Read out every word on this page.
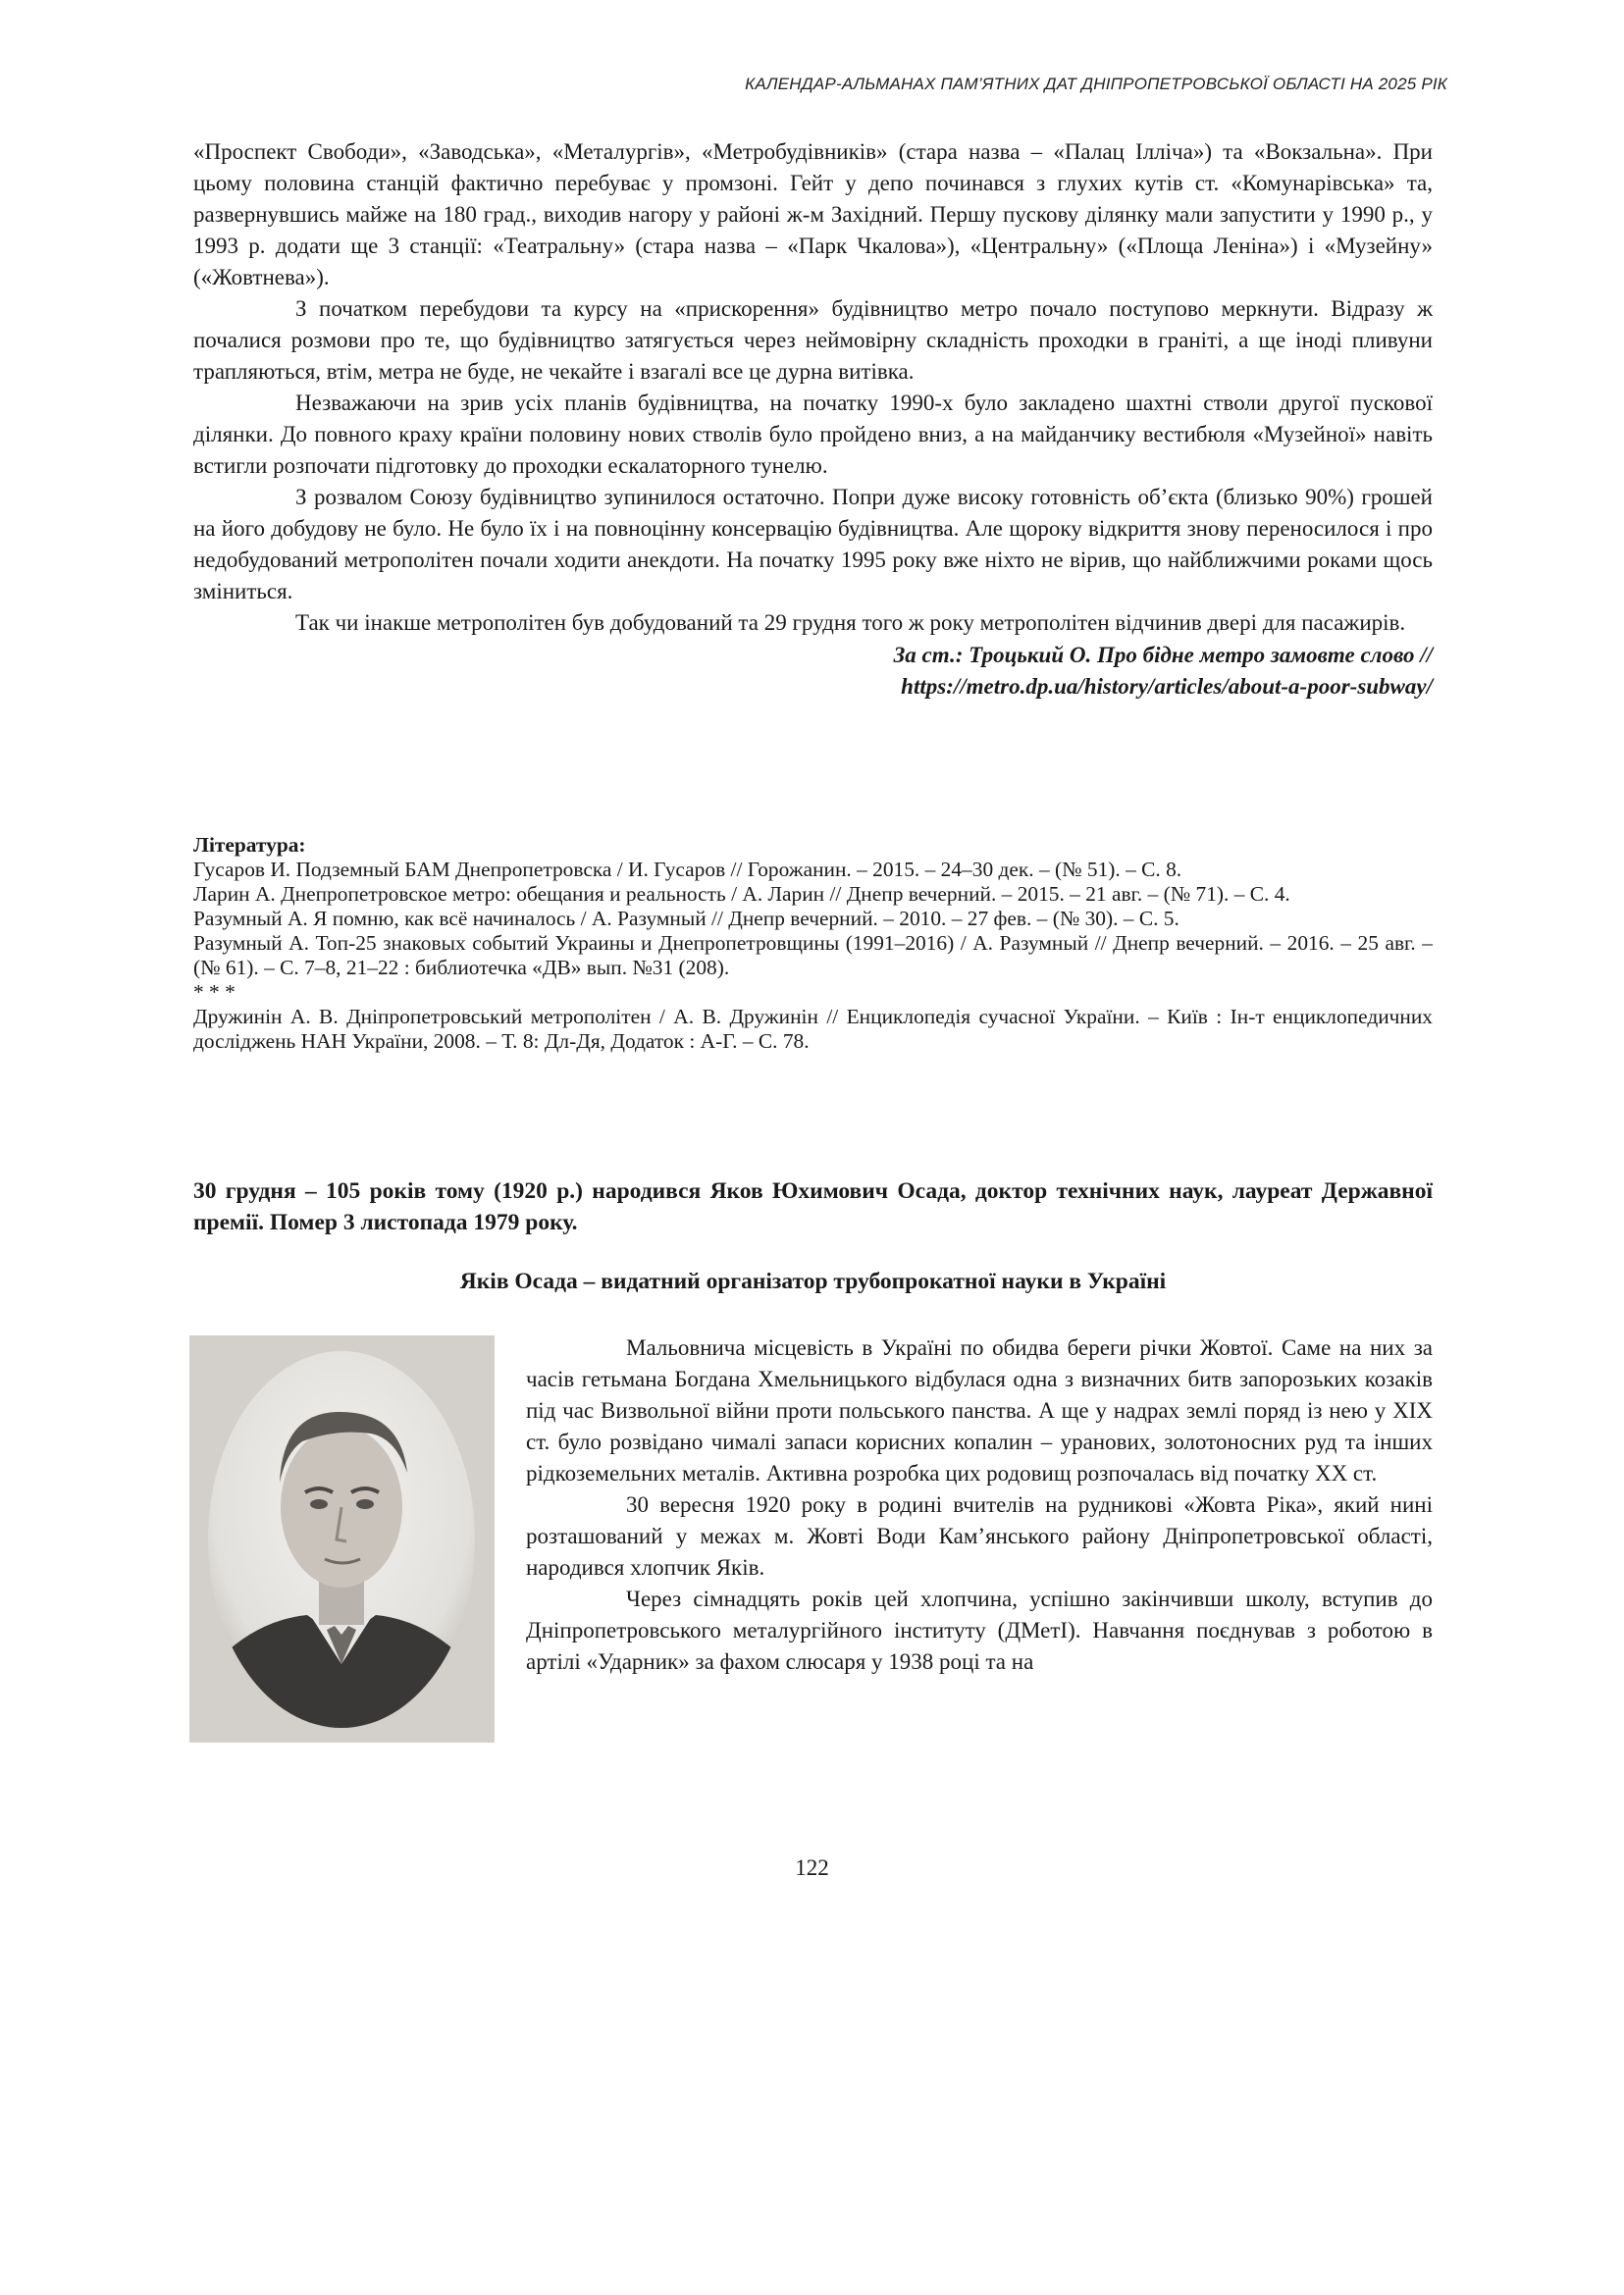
КАЛЕНДАР-АЛЬМАНАХ ПАМ’ЯТНИХ ДАТ ДНІПРОПЕТРОВСЬКОЇ ОБЛАСТІ НА 2025 РІК

«Проспект Свободи», «Заводська», «Металургів», «Метробудівників» (стара назва – «Палац Ілліча») та «Вокзальна». При цьому половина станцій фактично перебуває у промзоні. Гейт у депо починався з глухих кутів ст. «Комунарівська» та, развернувшись майже на 180 град., виходив нагору у районі ж-м Західний. Першу пускову ділянку мали запустити у 1990 р., у 1993 р. додати ще 3 станції: «Театральну» (стара назва – «Парк Чкалова»), «Центральну» («Площа Леніна») і «Музейну» («Жовтнева»).

З початком перебудови та курсу на «прискорення» будівництво метро почало поступово меркнути. Відразу ж почалися розмови про те, що будівництво затягується через неймовірну складність проходки в граніті, а ще іноді пливуни трапляються, втім, метра не буде, не чекайте і взагалі все це дурна витівка.

Незважаючи на зрив усіх планів будівництва, на початку 1990-х було закладено шахтні стволи другої пускової ділянки. До повного краху країни половину нових стволів було пройдено вниз, а на майданчику вестибюля «Музейної» навіть встигли розпочати підготовку до проходки ескалаторного тунелю.

З розвалом Союзу будівництво зупинилося остаточно. Попри дуже високу готовність об’єкта (близько 90%) грошей на його добудову не було. Не було їх і на повноцінну консервацію будівництва. Але щороку відкриття знову переносилося і про недобудований метрополітен почали ходити анекдоти. На початку 1995 року вже ніхто не вірив, що найближчими роками щось зміниться.

Так чи інакше метрополітен був добудований та 29 грудня того ж року метрополітен відчинив двері для пасажирів.

За ст.: Троцький О. Про бідне метро замовте слово //
https://metro.dp.ua/history/articles/about-a-poor-subway/
Література:

Гусаров И. Подземный БАМ Днепропетровска / И. Гусаров // Горожанин. – 2015. – 24–30 дек. – (№ 51). – С. 8.

Ларин А. Днепропетровское метро: обещания и реальность / А. Ларин // Днепр вечерний. – 2015. – 21 авг. – (№ 71). – С. 4.

Разумный А. Я помню, как всё начиналось / А. Разумный // Днепр вечерний. – 2010. – 27 фев. – (№ 30). – С. 5.

Разумный А. Топ-25 знаковых событий Украины и Днепропетровщины (1991–2016) / А. Разумный // Днепр вечерний. – 2016. – 25 авг. – (№ 61). – С. 7–8, 21–22 : библиотечка «ДВ» вып. №31 (208).

* * *

Дружинін А. В. Дніпропетровський метрополітен / А. В. Дружинін // Енциклопедія сучасної України. – Київ : Ін-т енциклопедичних досліджень НАН України, 2008. – Т. 8: Дл-Дя, Додаток : А-Г. – С. 78.

30 грудня – 105 років тому (1920 р.) народився Яков Юхимович Осада, доктор технічних наук, лауреат Державної премії. Помер 3 листопада 1979 року.
Яків Осада – видатний організатор трубопрокатної науки в Україні

Мальовнича місцевість в Україні по обидва береги річки Жовтої. Саме на них за часів гетьмана Богдана Хмельницького відбулася одна з визначних битв запорозьких козаків під час Визвольної війни проти польського панства. А ще у надрах землі поряд із нею у XIX ст. було розвідано чималі запаси корисних копалин – уранових, золотоносних руд та інших рідкоземельних металів. Активна розробка цих родовищ розпочалась від початку XX ст.

30 вересня 1920 року в родині вчителів на рудникові «Жовта Ріка», який нині розташований у межах м. Жовті Води Кам’янського району Дніпропетровської області, народився хлопчик Яків.

Через сімнадцять років цей хлопчина, успішно закінчивши школу, вступив до Дніпропетровського металургійного інституту (ДМетІ). Навчання поєднував з роботою в артілі «Ударник» за фахом слюсаря у 1938 році та на

122
